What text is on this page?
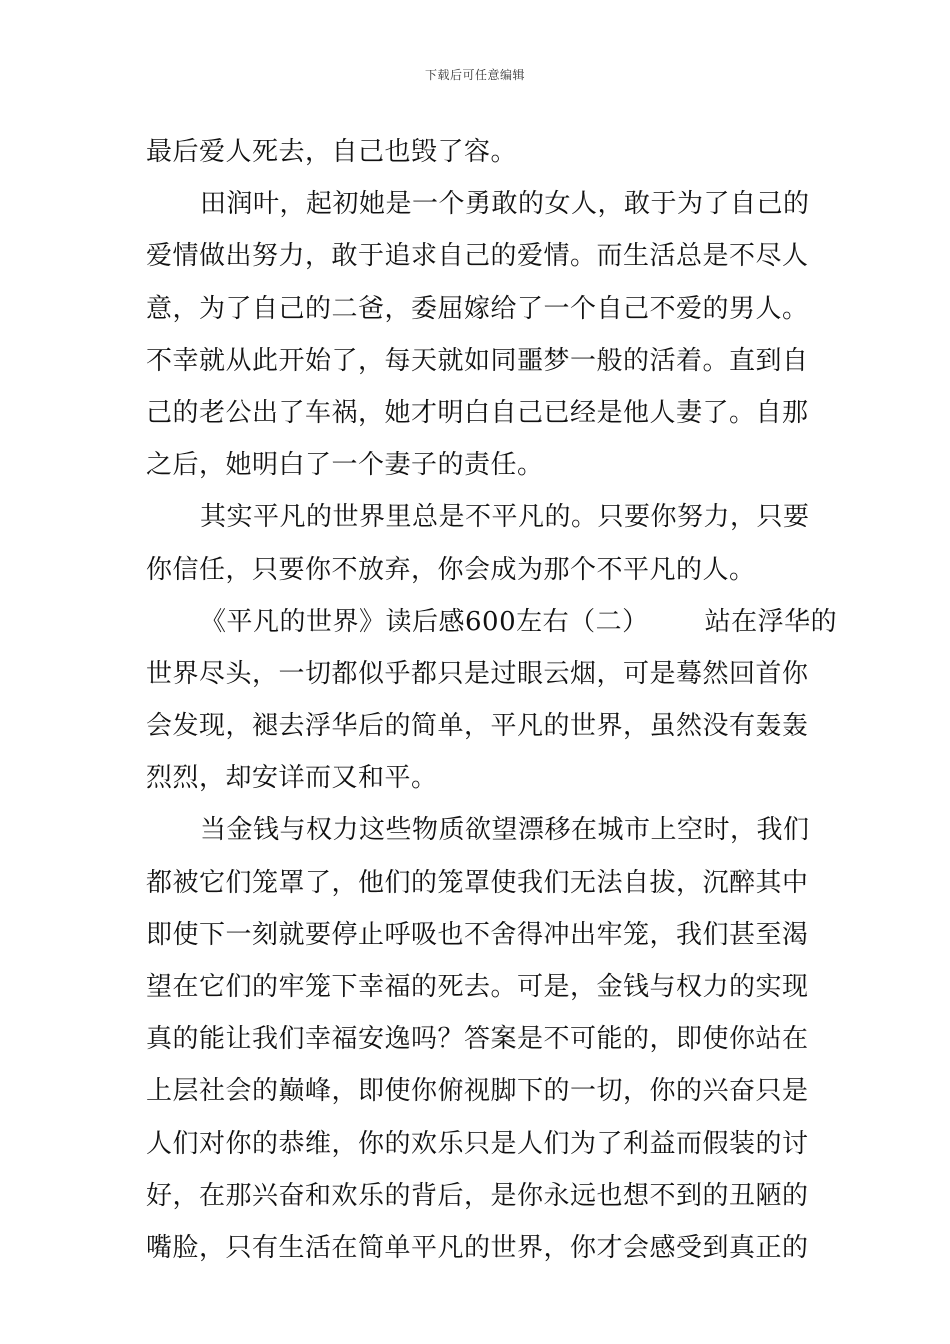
下载后可任意编辑
最后爱人死去，自己也毁了容。
田润叶，起初她是一个勇敢的女人，敢于为了自己的
爱情做出努力，敢于追求自己的爱情。而生活总是不尽人
意，为了自己的二爸，委屈嫁给了一个自己不爱的男人。
不幸就从此开始了，每天就如同噩梦一般的活着。直到自
己的老公出了车祸，她才明白自己已经是他人妻了。自那
之后，她明白了一个妻子的责任。
其实平凡的世界里总是不平凡的。只要你努力，只要
你信任，只要你不放弃，你会成为那个不平凡的人。
《平凡的世界》读后感600左右（二） 站在浮华的
世界尽头，一切都似乎都只是过眼云烟，可是蓦然回首你
会发现，褪去浮华后的简单，平凡的世界，虽然没有轰轰
烈烈，却安详而又和平。
当金钱与权力这些物质欲望漂移在城市上空时，我们
都被它们笼罩了，他们的笼罩使我们无法自拔，沉醉其中
即使下一刻就要停止呼吸也不舍得冲出牢笼，我们甚至渴
望在它们的牢笼下幸福的死去。可是，金钱与权力的实现
真的能让我们幸福安逸吗？答案是不可能的，即使你站在
上层社会的巅峰，即使你俯视脚下的一切，你的兴奋只是
人们对你的恭维，你的欢乐只是人们为了利益而假装的讨
好，在那兴奋和欢乐的背后，是你永远也想不到的丑陋的
嘴脸，只有生活在简单平凡的世界，你才会感受到真正的
